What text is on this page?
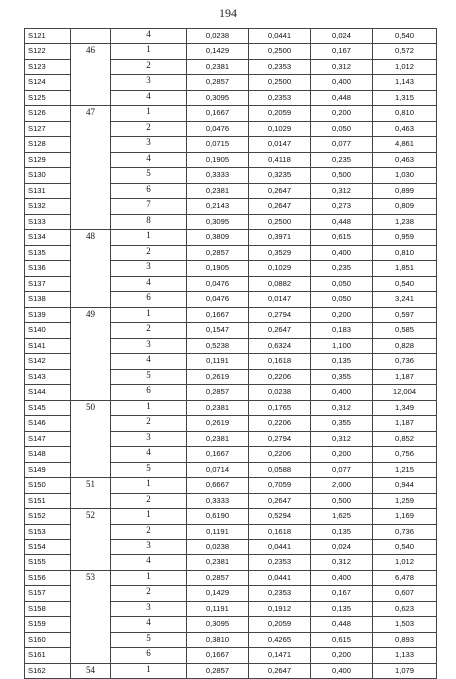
194
S121		4	0,0238	0,0441	0,024	0,540
S122	46	1	0,1429	0,2500	0,167	0,572
S123		2	0,2381	0,2353	0,312	1,012
S124		3	0,2857	0,2500	0,400	1,143
S125		4	0,3095	0,2353	0,448	1,315
S126	47	1	0,1667	0,2059	0,200	0,810
S127		2	0,0476	0,1029	0,050	0,463
S128		3	0,0715	0,0147	0,077	4,861
S129		4	0,1905	0,4118	0,235	0,463
S130		5	0,3333	0,3235	0,500	1,030
S131		6	0,2381	0,2647	0,312	0,899
S132		7	0,2143	0,2647	0,273	0,809
S133		8	0,3095	0,2500	0,448	1,238
S134	48	1	0,3809	0,3971	0,615	0,959
S135		2	0,2857	0,3529	0,400	0,810
S136		3	0,1905	0,1029	0,235	1,851
S137		4	0,0476	0,0882	0,050	0,540
S138		6	0,0476	0,0147	0,050	3,241
S139	49	1	0,1667	0,2794	0,200	0,597
S140		2	0,1547	0,2647	0,183	0,585
S141		3	0,5238	0,6324	1,100	0,828
S142		4	0,1191	0,1618	0,135	0,736
S143		5	0,2619	0,2206	0,355	1,187
S144		6	0,2857	0,0238	0,400	12,004
S145	50	1	0,2381	0,1765	0,312	1,349
S146		2	0,2619	0,2206	0,355	1,187
S147		3	0,2381	0,2794	0,312	0,852
S148		4	0,1667	0,2206	0,200	0,756
S149		5	0,0714	0,0588	0,077	1,215
S150	51	1	0,6667	0,7059	2,000	0,944
S151		2	0,3333	0,2647	0,500	1,259
S152	52	1	0,6190	0,5294	1,625	1,169
S153		2	0,1191	0,1618	0,135	0,736
S154		3	0,0238	0,0441	0,024	0,540
S155		4	0,2381	0,2353	0,312	1,012
S156	53	1	0,2857	0,0441	0,400	6,478
S157		2	0,1429	0,2353	0,167	0,607
S158		3	0,1191	0,1912	0,135	0,623
S159		4	0,3095	0,2059	0,448	1,503
S160		5	0,3810	0,4265	0,615	0,893
S161		6	0,1667	0,1471	0,200	1,133
S162	54	1	0,2857	0,2647	0,400	1,079
